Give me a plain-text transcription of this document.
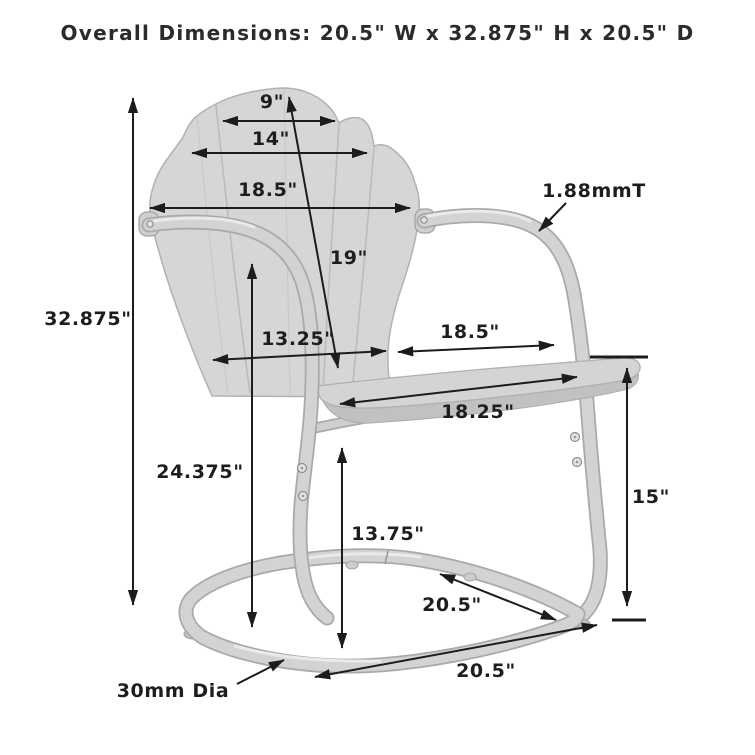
Overall Dimensions: 20.5" W x 32.875" H x 20.5" D
9"
14"
18.5"
19"
1.88mmT
32.875"
13.25"	18.5"
18.25"
24.375"
15"
13.75"
20.5"
20.5"
30mm Dia
